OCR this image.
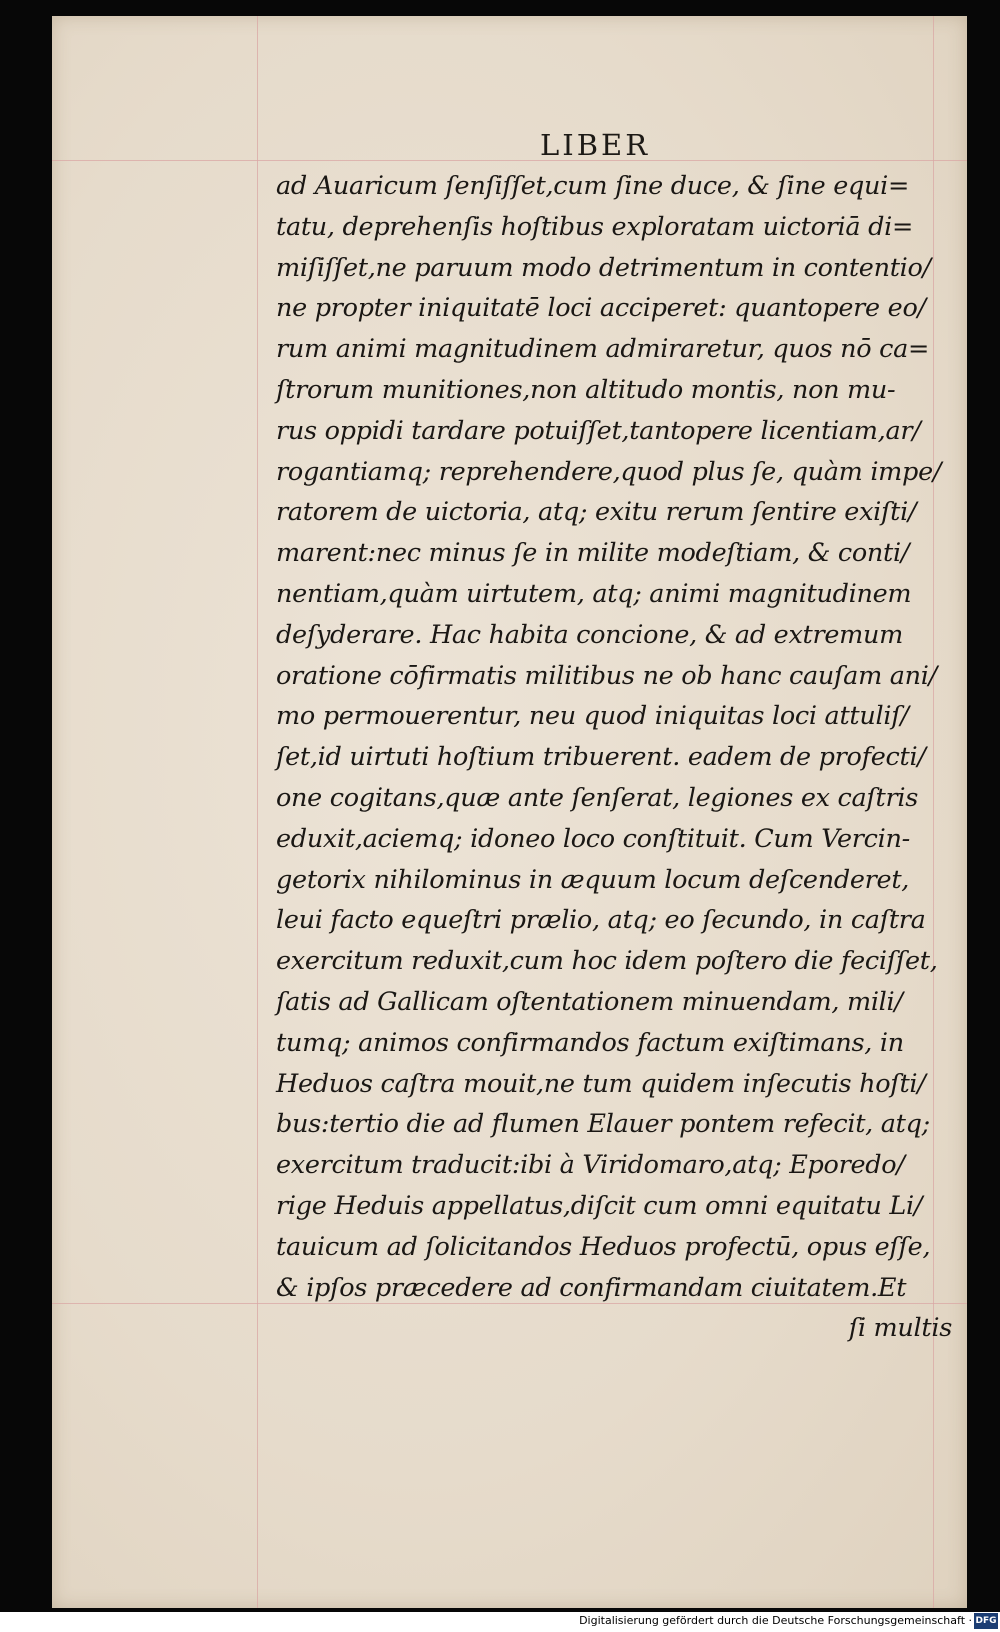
LIBER
ad Auaricum ſenſiſſet,cum ſine duce, & ſine equi=
tatu, deprehenſis hoſtibus exploratam uictoriā di=
miſiſſet,ne paruum modo detrimentum in contentio/
ne propter iniquitatē loci acciperet: quantopere eo/
rum animi magnitudinem admiraretur, quos nō ca=
ſtrorum munitiones,non altitudo montis, non mu-
rus oppidi tardare potuiſſet,tantopere licentiam,ar/
rogantiamq; reprehendere,quod plus ſe, quàm impe/
ratorem de uictoria, atq; exitu rerum ſentire exiſti/
marent:nec minus ſe in milite modeſtiam, & conti/
nentiam,quàm uirtutem, atq; animi magnitudinem
deſyderare. Hac habita concione, & ad extremum
oratione cōfirmatis militibus ne ob hanc cauſam ani/
mo permouerentur, neu quod iniquitas loci attuliſ/
ſet,id uirtuti hoſtium tribuerent. eadem de profecti/
one cogitans,quæ ante ſenſerat, legiones ex caſtris
eduxit,aciemq; idoneo loco conſtituit. Cum Vercin-
getorix nihilominus in æquum locum deſcenderet,
leui facto equeſtri prælio, atq; eo ſecundo, in caſtra
exercitum reduxit,cum hoc idem poſtero die feciſſet,
ſatis ad Gallicam oſtentationem minuendam, mili/
tumq; animos confirmandos factum exiſtimans, in
Heduos caſtra mouit,ne tum quidem inſecutis hoſti/
bus:tertio die ad flumen Elauer pontem refecit, atq;
exercitum traducit:ibi à Viridomaro,atq; Eporedo/
rige Heduis appellatus,diſcit cum omni equitatu Li/
tauicum ad ſolicitandos Heduos profectū, opus eſſe,
& ipſos præcedere ad confirmandam ciuitatem.Et
ſi multis
Digitalisierung gefördert durch die Deutsche Forschungsgemeinschaft · DFG
